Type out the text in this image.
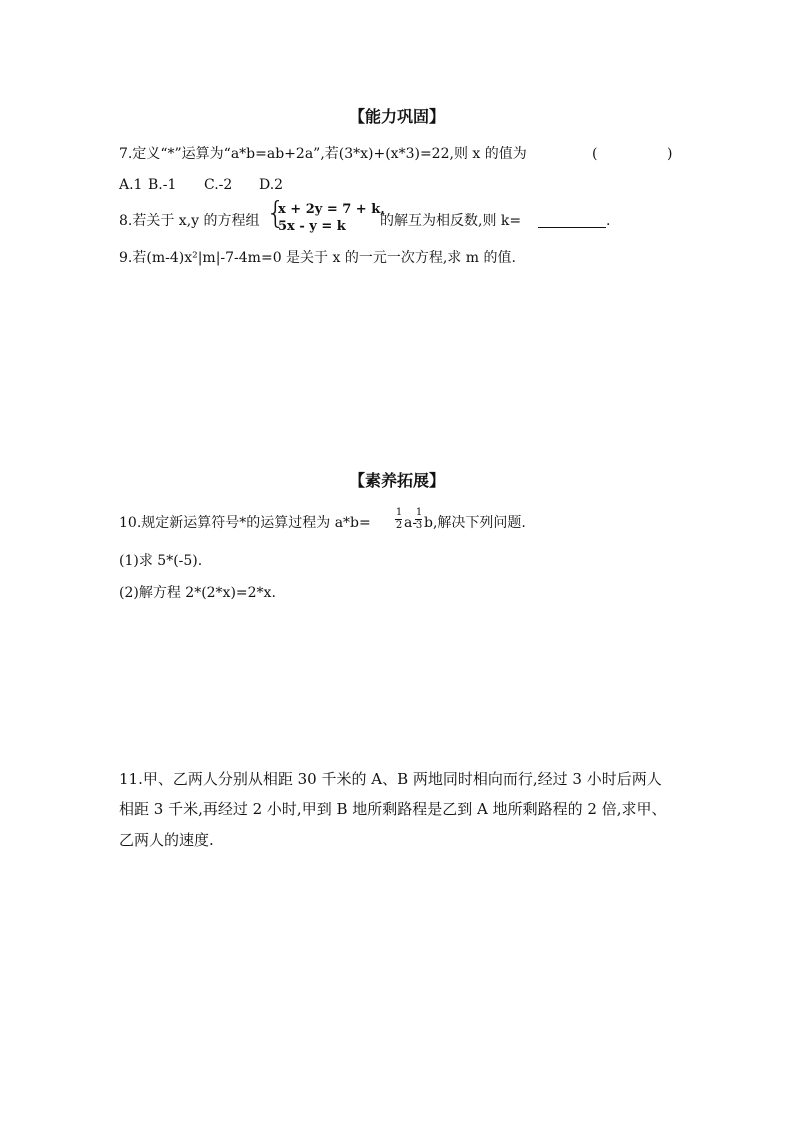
【能力巩固】
7.定义“*”运算为“a*b=ab+2a”,若(3*x)+(x*3)=22,则 x 的值为	(	)
A.1 B.-1 C.-2 D.2
8.若关于 x,y 的方程组 {
x + 2y = 7 + k,
5x - y = k 的解互为相反数,则 k=	.
9.若(m-4)x²|m|-7-4m=0 是关于 x 的一元一次方程,求 m 的值.
【素养拓展】
10.规定新运算符号*的运算过程为 a*b=
1
2 a-
1
3 b,解决下列问题.
(1)求 5*(-5).
(2)解方程 2*(2*x)=2*x.
11.甲、乙两人分别从相距 30 千米的 A、B 两地同时相向而行,经过 3 小时后两人
相距 3 千米,再经过 2 小时,甲到 B 地所剩路程是乙到 A 地所剩路程的 2 倍,求甲、
乙两人的速度.
